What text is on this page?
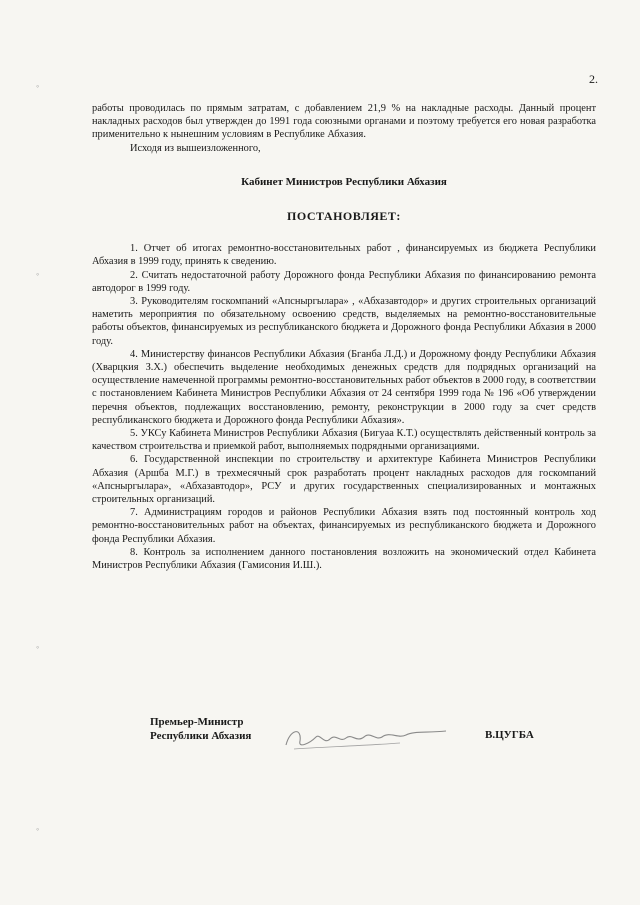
2.
◦
◦
◦
◦

работы проводилась по прямым затратам, с добавлением 21,9 % на накладные расходы. Данный процент накладных расходов был утвержден до 1991 года союзными органами и поэтому требуется его новая разработка применительно к нынешним условиям в Республике Абхазия.

Исходя из вышеизложенного,

Кабинет Министров Республики Абхазия

ПОСТАНОВЛЯЕТ:

1. Отчет об итогах ремонтно-восстановительных работ , финансируемых из бюджета Республики Абхазия в 1999 году, принять к сведению.

2. Считать недостаточной работу Дорожного фонда Республики Абхазия по финансированию ремонта автодорог в 1999 году.

3. Руководителям госкомпаний «Апсныргылара» , «Абхазавтодор» и других строительных организаций наметить мероприятия по обязательному освоению средств, выделяемых на ремонтно-восстановительные работы объектов, финансируемых из республиканского бюджета и Дорожного фонда Республики Абхазия в 2000 году.

4. Министерству финансов Республики Абхазия (Бганба Л.Д.) и Дорожному фонду Республики Абхазия (Хварцкия З.Х.) обеспечить выделение необходимых денежных средств для подрядных организаций на осуществление намеченной программы ремонтно-восстановительных работ объектов в 2000 году, в соответствии с постановлением Кабинета Министров Республики Абхазия от 24 сентября 1999 года № 196 «Об утверждении перечня объектов, подлежащих восстановлению, ремонту, реконструкции в 2000 году за счет средств республиканского бюджета и Дорожного фонда Республики Абхазия».

5. УКСу Кабинета Министров Республики Абхазия (Бигуаа К.Т.) осуществлять действенный контроль за качеством строительства и приемкой работ, выполняемых подрядными организациями.

6. Государственной инспекции по строительству и архитектуре Кабинета Министров Республики Абхазия (Аршба М.Г.) в трехмесячный срок разработать процент накладных расходов для госкомпаний «Апсныргылара», «Абхазавтодор», РСУ и других государственных специализированных и монтажных строительных организаций.

7. Администрациям городов и районов Республики Абхазия взять под постоянный контроль ход ремонтно-восстановительных работ на объектах, финансируемых из республиканского бюджета и Дорожного фонда Республики Абхазия.

8. Контроль за исполнением данного постановления возложить на экономический отдел Кабинета Министров Республики Абхазия (Гамисония И.Ш.).

Премьер-Министр
Республики Абхазия	В.ЦУГБА
